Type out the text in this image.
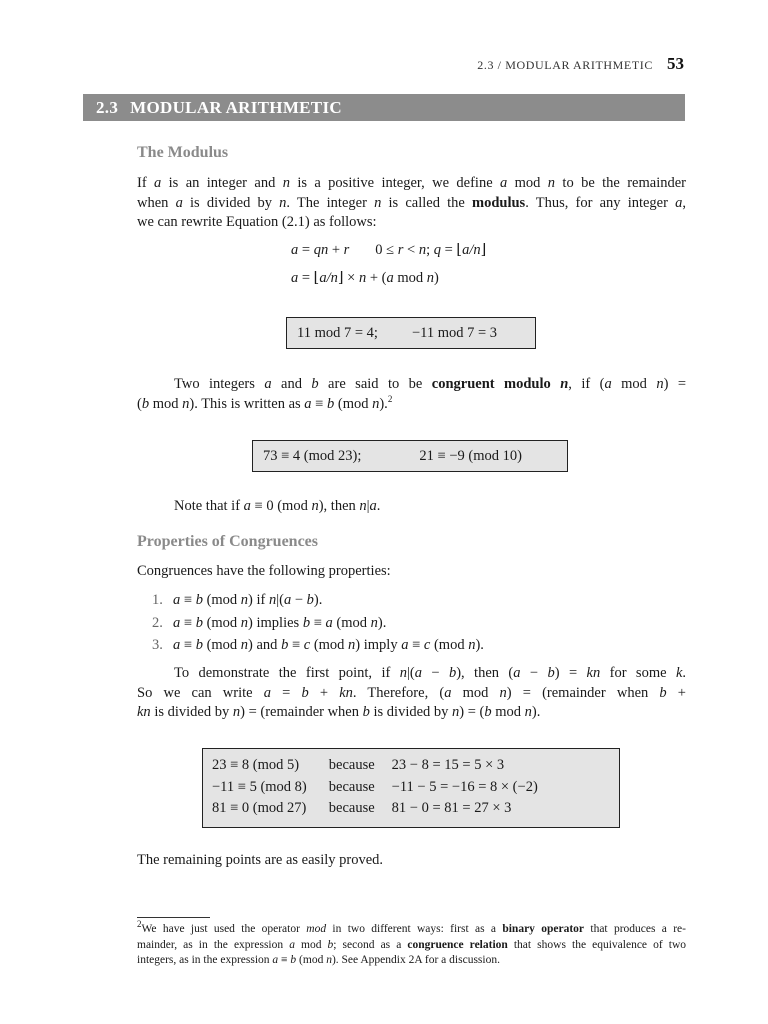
2.3 / MODULAR ARITHMETIC 53
2.3 MODULAR ARITHMETIC
The Modulus
If a is an integer and n is a positive integer, we define a mod n to be the remainder
when a is divided by n. The integer n is called the modulus. Thus, for any integer a,
we can rewrite Equation (2.1) as follows:
a = qn + r 0 ≤ r < n; q = ⌊a/n⌋
a = ⌊a/n⌋ × n + (a mod n)
11 mod 7 = 4; −11 mod 7 = 3
Two integers a and b are said to be congruent modulo n, if (a mod n) =
(b mod n). This is written as a ≡ b (mod n).$^2$
73 ≡ 4 (mod 23);	21 ≡ −9 (mod 10)
Note that if a ≡ 0 (mod n), then n|a.
Properties of Congruences
Congruences have the following properties:
1. a ≡ b (mod n) if n|(a − b).
2. a ≡ b (mod n) implies b ≡ a (mod n).
3. a ≡ b (mod n) and b ≡ c (mod n) imply a ≡ c (mod n).
To demonstrate the first point, if n|(a − b), then (a − b) = kn for some k.
So we can write a = b + kn. Therefore, (a mod n) = (remainder when b +
kn is divided by n) = (remainder when b is divided by n) = (b mod n).
23 ≡ 8 (mod 5)	because	23 − 8 = 15 = 5 × 3
−11 ≡ 5 (mod 8)	because	−11 − 5 = −16 = 8 × (−2)
81 ≡ 0 (mod 27)	because	81 − 0 = 81 = 27 × 3
The remaining points are as easily proved.
$^2$We have just used the operator mod in two different ways: first as a binary operator that produces a re-
mainder, as in the expression a mod b; second as a congruence relation that shows the equivalence of two
integers, as in the expression a ≡ b (mod n). See Appendix 2A for a discussion.
